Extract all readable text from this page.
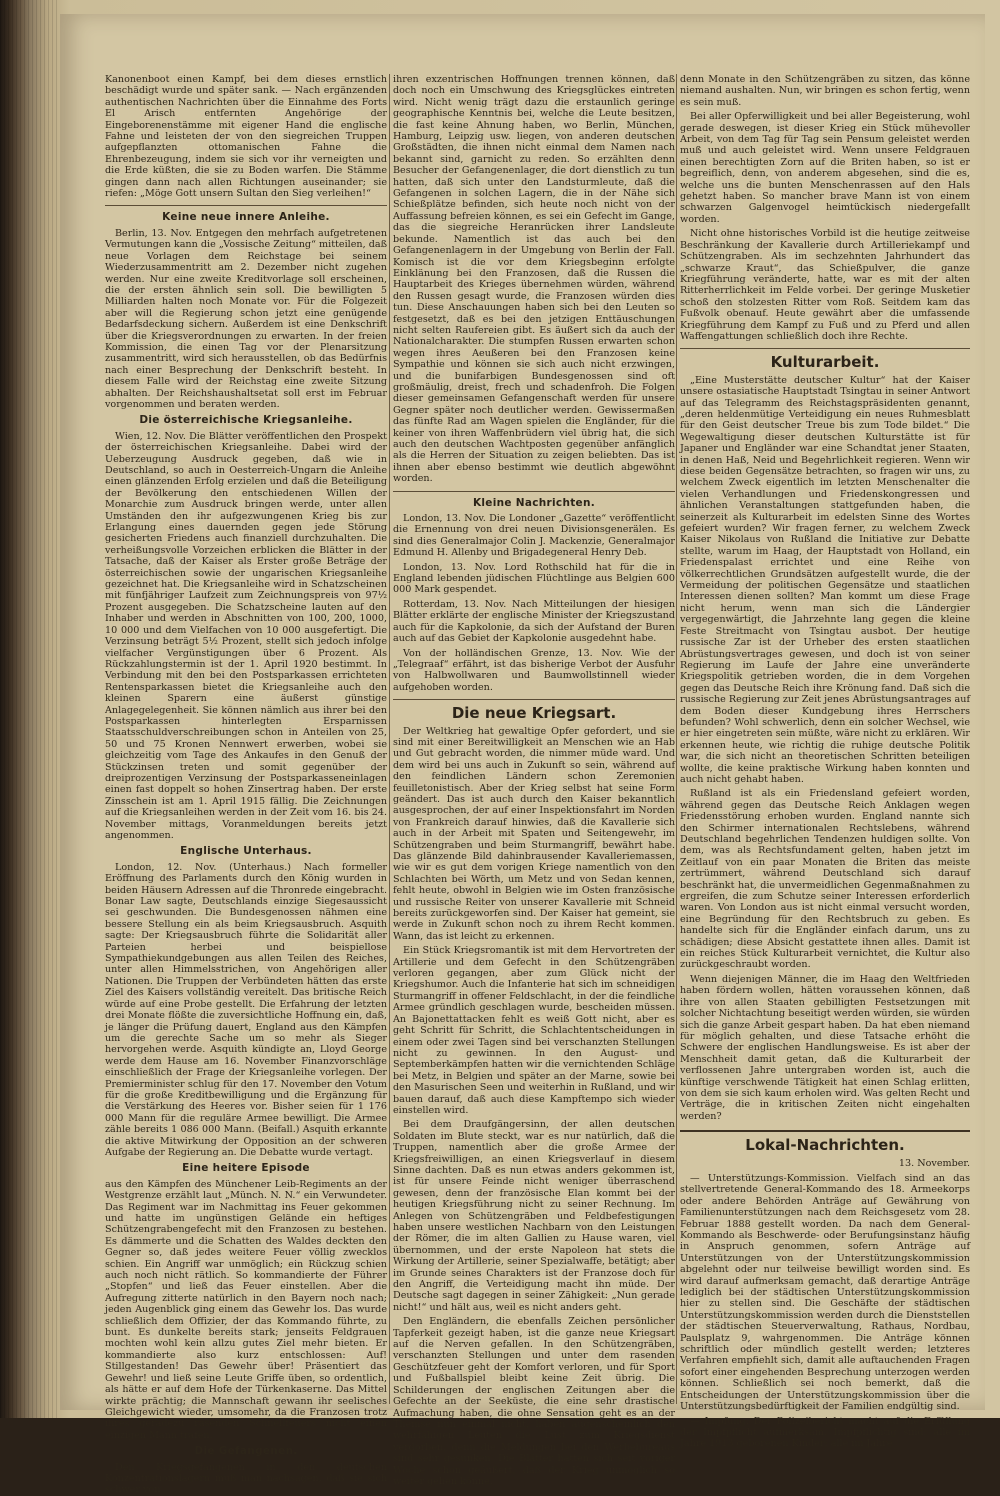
Kanonenboot einen Kampf, bei dem dieses ernstlich beschädigt wurde und später sank. — Nach ergänzenden authentischen Nachrichten über die Einnahme des Forts El Arisch entfernten Angehörige der Eingeborenenstämme mit eigener Hand die englische Fahne und leisteten der von den siegreichen Truppen aufgepflanzten ottomanischen Fahne die Ehrenbezeugung, indem sie sich vor ihr verneigten und die Erde küßten, die sie zu Boden warfen. Die Stämme gingen dann nach allen Richtungen auseinander; sie riefen: „Möge Gott unsern Sultan den Sieg verleihen!“

Keine neue innere Anleihe.

Berlin, 13. Nov. Entgegen den mehrfach aufgetretenen Vermutungen kann die „Vossische Zeitung“ mitteilen, daß neue Vorlagen dem Reichstage bei seinem Wiederzusammentritt am 2. Dezember nicht zugehen werden. Nur eine zweite Kreditvorlage soll erscheinen, die der ersten ähnlich sein soll. Die bewilligten 5 Milliarden halten noch Monate vor. Für die Folgezeit aber will die Regierung schon jetzt eine genügende Bedarfsdeckung sichern. Außerdem ist eine Denkschrift über die Kriegsverordnungen zu erwarten. In der freien Kommission, die einen Tag vor der Plenarsitzung zusammentritt, wird sich herausstellen, ob das Bedürfnis nach einer Besprechung der Denkschrift besteht. In diesem Falle wird der Reichstag eine zweite Sitzung abhalten. Der Reichshaushaltsetat soll erst im Februar vorgenommen und beraten werden.

Die österreichische Kriegsanleihe.

Wien, 12. Nov. Die Blätter veröffentlichen den Prospekt der österreichischen Kriegsanleihe. Dabei wird der Ueberzeugung Ausdruck gegeben, daß wie in Deutschland, so auch in Oesterreich-Ungarn die Anleihe einen glänzenden Erfolg erzielen und daß die Beteiligung der Bevölkerung den entschiedenen Willen der Monarchie zum Ausdruck bringen werde, unter allen Umständen den ihr aufgezwungenen Krieg bis zur Erlangung eines dauernden gegen jede Störung gesicherten Friedens auch finanziell durchzuhalten. Die verheißungsvolle Vorzeichen erblicken die Blätter in der Tatsache, daß der Kaiser als Erster große Beträge der österreichischen sowie der ungarischen Kriegsanleihe gezeichnet hat. Die Kriegsanleihe wird in Schatzscheinen mit fünfjähriger Laufzeit zum Zeichnungspreis von 97½ Prozent ausgegeben. Die Schatzscheine lauten auf den Inhaber und werden in Abschnitten von 100, 200, 1000, 10 000 und dem Vielfachen von 10 000 ausgefertigt. Die Verzinsung beträgt 5½ Prozent, stellt sich jedoch infolge vielfacher Vergünstigungen über 6 Prozent. Als Rückzahlungstermin ist der 1. April 1920 bestimmt. In Verbindung mit den bei den Postsparkassen errichteten Rentensparkassen bietet die Kriegsanleihe auch den kleinen Sparern eine äußerst günstige Anlagegelegenheit. Sie können nämlich aus ihrer bei den Postsparkassen hinterlegten Ersparnissen Staatsschuldverschreibungen schon in Anteilen von 25, 50 und 75 Kronen Nennwert erwerben, wobei sie gleichzeitig vom Tage des Ankaufes in den Genuß der Stückzinsen treten und somit gegenüber der dreiprozentigen Verzinsung der Postsparkasseneinlagen einen fast doppelt so hohen Zinsertrag haben. Der erste Zinsschein ist am 1. April 1915 fällig. Die Zeichnungen auf die Kriegsanleihen werden in der Zeit vom 16. bis 24. November mittags, Voranmeldungen bereits jetzt angenommen.

Englische Unterhaus.

London, 12. Nov. (Unterhaus.) Nach formeller Eröffnung des Parlaments durch den König wurden in beiden Häusern Adressen auf die Thronrede eingebracht. Bonar Law sagte, Deutschlands einzige Siegesaussicht sei geschwunden. Die Bundesgenossen nähmen eine bessere Stellung ein als beim Kriegsausbruch. Asquith sagte: Der Kriegsausbruch führte die Solidarität aller Parteien herbei und beispiellose Sympathiekundgebungen aus allen Teilen des Reiches, unter allen Himmelsstrichen, von Angehörigen aller Nationen. Die Truppen der Verbündeten hätten das erste Ziel des Kaisers vollständig vereitelt. Das britische Reich würde auf eine Probe gestellt. Die Erfahrung der letzten drei Monate flößte die zuversichtliche Hoffnung ein, daß, je länger die Prüfung dauert, England aus den Kämpfen um die gerechte Sache um so mehr als Sieger hervorgehen werde. Asquith kündigte an, Lloyd George werde dem Hause am 16. November Finanzvorschläge einschließlich der Frage der Kriegsanleihe vorlegen. Der Premierminister schlug für den 17. November den Votum für die große Kreditbewilligung und die Ergänzung für die Verstärkung des Heeres vor. Bisher seien für 1 176 000 Mann für die reguläre Armee bewilligt. Die Armee zähle bereits 1 086 000 Mann. (Beifall.) Asquith erkannte die aktive Mitwirkung der Opposition an der schweren Aufgabe der Regierung an. Die Debatte wurde vertagt.

Eine heitere Episode

aus den Kämpfen des Münchener Leib-Regiments an der Westgrenze erzählt laut „Münch. N. N.“ ein Verwundeter. Das Regiment war im Nachmittag ins Feuer gekommen und hatte im ungünstigen Gelände ein heftiges Schützengrabengefecht mit den Franzosen zu bestehen. Es dämmerte und die Schatten des Waldes deckten den Gegner so, daß jedes weitere Feuer völlig zwecklos schien. Ein Angriff war unmöglich; ein Rückzug schien auch noch nicht rätlich. So kommandierte der Führer „Stopfen“ und ließ das Feuer einstellen. Aber die Aufregung zitterte natürlich in den Bayern noch nach; jeden Augenblick ging einem das Gewehr los. Das wurde schließlich dem Offizier, der das Kommando führte, zu bunt. Es dunkelte bereits stark; jenseits Feldgrauen mochten wohl kein allzu gutes Ziel mehr bieten. Er kommandierte also kurz entschlossen: Auf! Stillgestanden! Das Gewehr über! Präsentiert das Gewehr! und ließ seine Leute Griffe üben, so ordentlich, als hätte er auf dem Hofe der Türkenkaserne. Das Mittel wirkte prächtig; die Mannschaft gewann ihr seelisches Gleichgewicht wieder, umsomehr, da die Franzosen trotz ihres geradezu rasenden Schnellfeuers nicht einen einzigen Mann trafen.

Die Gefangenen.

Den Kriegsgefangenen in den deutschen Konzentrationslagern muß man nachsagen, daß sie sich schwer von

ihren exzentrischen Hoffnungen trennen können, daß doch noch ein Umschwung des Kriegsglückes eintreten wird. Nicht wenig trägt dazu die erstaunlich geringe geographische Kenntnis bei, welche die Leute besitzen, die fast keine Ahnung haben, wo Berlin, München, Hamburg, Leipzig usw. liegen, von anderen deutschen Großstädten, die ihnen nicht einmal dem Namen nach bekannt sind, garnicht zu reden. So erzählten denn Besucher der Gefangenenlager, die dort dienstlich zu tun hatten, daß sich unter den Landsturmleute, daß die Gefangenen in solchen Lagern, die in der Nähe sich Schießplätze befinden, sich heute noch nicht von der Auffassung befreien können, es sei ein Gefecht im Gange, das die siegreiche Heranrücken ihrer Landsleute bekunde. Namentlich ist das auch bei den Gefangenenlagern in der Umgebung von Berlin der Fall. Komisch ist die vor dem Kriegsbeginn erfolgte Einklänung bei den Franzosen, daß die Russen die Hauptarbeit des Krieges übernehmen würden, während den Russen gesagt wurde, die Franzosen würden dies tun. Diese Anschauungen haben sich bei den Leuten so festgesetzt, daß es bei den jetzigen Enttäuschungen nicht selten Raufereien gibt. Es äußert sich da auch der Nationalcharakter. Die stumpfen Russen erwarten schon wegen ihres Aeußeren bei den Franzosen keine Sympathie und können sie sich auch nicht erzwingen, und die bunifarbigen Bundesgenossen sind oft großmäulig, dreist, frech und schadenfroh. Die Folgen dieser gemeinsamen Gefangenschaft werden für unsere Gegner später noch deutlicher werden. Gewissermaßen das fünfte Rad am Wagen spielen die Engländer, für die keiner von ihren Waffenbrüdern viel übrig hat, die sich auch den deutschen Wachtposten gegenüber anfänglich als die Herren der Situation zu zeigen beliebten. Das ist ihnen aber ebenso bestimmt wie deutlich abgewöhnt worden.

Kleine Nachrichten.

London, 13. Nov. Die Londoner „Gazette“ veröffentlicht die Ernennung von drei neuen Divisionsgenerälen. Es sind dies Generalmajor Colin J. Mackenzie, Generalmajor Edmund H. Allenby und Brigadegeneral Henry Deb.

London, 13. Nov. Lord Rothschild hat für die in England lebenden jüdischen Flüchtlinge aus Belgien 600 000 Mark gespendet.

Rotterdam, 13. Nov. Nach Mitteilungen der hiesigen Blätter erklärte der englische Minister der Kriegszustand auch für die Kapkolonie, da sich der Aufstand der Buren auch auf das Gebiet der Kapkolonie ausgedehnt habe.

Von der holländischen Grenze, 13. Nov. Wie der „Telegraaf“ erfährt, ist das bisherige Verbot der Ausfuhr von Halbwollwaren und Baumwollstinnell wieder aufgehoben worden.

Die neue Kriegsart.

Der Weltkrieg hat gewaltige Opfer gefordert, und sie sind mit einer Bereitwilligkeit an Menschen wie an Hab und Gut gebracht worden, die nimmer müde ward. Und dem wird bei uns auch in Zukunft so sein, während auf den feindlichen Ländern schon Zeremonien feuilletonistisch. Aber der Krieg selbst hat seine Form geändert. Das ist auch durch den Kaiser bekanntlich ausgesprochen, der auf einer Inspektionsfahrt im Norden von Frankreich darauf hinwies, daß die Kavallerie sich auch in der Arbeit mit Spaten und Seitengewehr, im Schützengraben und beim Sturmangriff, bewährt habe. Das glänzende Bild dahinbrausender Kavalleriemassen, wie wir es gut dem vorigen Kriege namentlich von den Schlachten bei Wörth, um Metz und von Sedan kennen, fehlt heute, obwohl in Belgien wie im Osten französische und russische Reiter von unserer Kavallerie mit Schneid bereits zurückgeworfen sind. Der Kaiser hat gemeint, sie werde in Zukunft schon noch zu ihrem Recht kommen. Wann, das ist leicht zu erkennen.

Ein Stück Kriegsromantik ist mit dem Hervortreten der Artillerie und dem Gefecht in den Schützengräben verloren gegangen, aber zum Glück nicht der Kriegshumor. Auch die Infanterie hat sich im schneidigen Sturmangriff in offener Feldschlacht, in der die feindliche Armee gründlich geschlagen wurde, bescheiden müssen. An Bajonettattacken fehlt es weiß Gott nicht, aber es geht Schritt für Schritt, die Schlachtentscheidungen in einem oder zwei Tagen sind bei verschanzten Stellungen nicht zu gewinnen. In den August- und Septemberkämpfen hatten wir die vernichtenden Schläge bei Metz, in Belgien und später an der Marne, sowie bei den Masurischen Seen und weiterhin in Rußland, und wir bauen darauf, daß auch diese Kampftempo sich wieder einstellen wird.

Bei dem Draufgängersinn, der allen deutschen Soldaten im Blute steckt, war es nur natürlich, daß die Truppen, namentlich aber die große Armee der Kriegsfreiwilligen, an einen Kriegsverlauf in diesem Sinne dachten. Daß es nun etwas anders gekommen ist, ist für unsere Feinde nicht weniger überraschend gewesen, denn der französische Elan kommt bei der heutigen Kriegsführung nicht zu seiner Rechnung. Im Anlegen von Schützengräben und Feldbefestigungen haben unsere westlichen Nachbarn von den Leistungen der Römer, die im alten Gallien zu Hause waren, viel übernommen, und der erste Napoleon hat stets die Wirkung der Artillerie, seiner Spezialwaffe, betätigt; aber im Grunde seines Charakters ist der Franzose doch für den Angriff, die Verteidigung macht ihn müde. Der Deutsche sagt dagegen in seiner Zähigkeit: „Nun gerade nicht!“ und hält aus, weil es nicht anders geht.

Den Engländern, die ebenfalls Zeichen persönlicher Tapferkeit gezeigt haben, ist die ganze neue Kriegsart auf die Nerven gefallen. In den Schützengräben, verschanzten Stellungen und unter dem rasenden Geschützfeuer geht der Komfort verloren, und für Sport und Fußballspiel bleibt keine Zeit übrig. Die Schilderungen der englischen Zeitungen aber die Gefechte an der Seeküste, die eine sehr drastische Aufmachung haben, die ohne Sensation geht es an der Themse nun einmal nicht, haben augenscheinlich den wehrfähigen Leuten die Lust zum Kriegsdienst verdorben, denn die Meldungen bei den Werbebureaus sind sehr gesunken. Die Blätter hatten sich seit voriger Woche schon geäußert, daß der Krieg unmöglich so weiter gehen könne,

denn Monate in den Schützengräben zu sitzen, das könne niemand aushalten. Nun, wir bringen es schon fertig, wenn es sein muß.

Bei aller Opferwilligkeit und bei aller Begeisterung, wohl gerade deswegen, ist dieser Krieg ein Stück mühevoller Arbeit, von dem Tag für Tag sein Pensum geleistet werden muß und auch geleistet wird. Wenn unsere Feldgrauen einen berechtigten Zorn auf die Briten haben, so ist er begreiflich, denn, von anderem abgesehen, sind die es, welche uns die bunten Menschenrassen auf den Hals gehetzt haben. So mancher brave Mann ist von einem schwarzen Galgenvogel heimtückisch niedergefallt worden.

Nicht ohne historisches Vorbild ist die heutige zeitweise Beschränkung der Kavallerie durch Artilleriekampf und Schützengraben. Als im sechzehnten Jahrhundert das „schwarze Kraut“, das Schießpulver, die ganze Kriegführung veränderte, hatte, war es mit der alten Ritterherrlichkeit im Felde vorbei. Der geringe Musketier schoß den stolzesten Ritter vom Roß. Seitdem kam das Fußvolk obenauf. Heute gewährt aber die umfassende Kriegführung dem Kampf zu Fuß und zu Pferd und allen Waffengattungen schließlich doch ihre Rechte.

Kulturarbeit.

„Eine Musterstätte deutscher Kultur“ hat der Kaiser unsere ostasiatische Hauptstadt Tsingtau in seiner Antwort auf das Telegramm des Reichstagspräsidenten genannt, „deren heldenmütige Verteidigung ein neues Ruhmesblatt für den Geist deutscher Treue bis zum Tode bildet.“ Die Wegewaltigung dieser deutschen Kulturstätte ist für Japaner und Engländer war eine Schandtat jener Staaten, in denen Haß, Neid und Begehrlichkeit regieren. Wenn wir diese beiden Gegensätze betrachten, so fragen wir uns, zu welchem Zweck eigentlich im letzten Menschenalter die vielen Verhandlungen und Friedenskongressen und ähnlichen Veranstaltungen stattgefunden haben, die seinerzeit als Kulturarbeit im edelsten Sinne des Wortes gefeiert wurden? Wir fragen ferner, zu welchem Zweck Kaiser Nikolaus von Rußland die Initiative zur Debatte stellte, warum im Haag, der Hauptstadt von Holland, ein Friedenspalast errichtet und eine Reihe von völkerrechtlichen Grundsätzen aufgestellt wurde, die der Vermeidung der politischen Gegensätze und staatlichen Interessen dienen sollten? Man kommt um diese Frage nicht herum, wenn man sich die Ländergier vergegenwärtigt, die Jahrzehnte lang gegen die kleine Feste Streitmacht von Tsingtau ausbot. Der heutige russische Zar ist der Urheber des ersten staatlichen Abrüstungsvertrages gewesen, und doch ist von seiner Regierung im Laufe der Jahre eine unveränderte Kriegspolitik getrieben worden, die in dem Vorgehen gegen das Deutsche Reich ihre Krönung fand. Daß sich die russische Regierung zur Zeit jenes Abrüstungsantrages auf dem Boden dieser Kundgebung ihres Herrschers befunden? Wohl schwerlich, denn ein solcher Wechsel, wie er hier eingetreten sein müßte, wäre nicht zu erklären. Wir erkennen heute, wie richtig die ruhige deutsche Politik war, die sich nicht an theoretischen Schritten beteiligen wollte, die keine praktische Wirkung haben konnten und auch nicht gehabt haben.

Rußland ist als ein Friedensland gefeiert worden, während gegen das Deutsche Reich Anklagen wegen Friedensstörung erhoben wurden. England nannte sich den Schirmer internationalen Rechtslebens, während Deutschland begehrlichen Tendenzen huldigen sollte. Von dem, was als Rechtsfundament gelten, haben jetzt im Zeitlauf von ein paar Monaten die Briten das meiste zertrümmert, während Deutschland sich darauf beschränkt hat, die unvermeidlichen Gegenmaßnahmen zu ergreifen, die zum Schutze seiner Interessen erforderlich waren. Von London aus ist nicht einmal versucht worden, eine Begründung für den Rechtsbruch zu geben. Es handelte sich für die Engländer einfach darum, uns zu schädigen; diese Absicht gestattete ihnen alles. Damit ist ein reiches Stück Kulturarbeit vernichtet, die Kultur also zurückgeschraubt worden.

Wenn diejenigen Männer, die im Haag den Weltfrieden haben fördern wollen, hätten voraussehen können, daß ihre von allen Staaten gebilligten Festsetzungen mit solcher Nichtachtung beseitigt werden würden, sie würden sich die ganze Arbeit gespart haben. Da hat eben niemand für möglich gehalten, und diese Tatsache erhöht die Schwere der englischen Handlungsweise. Es ist aber der Menschheit damit getan, daß die Kulturarbeit der verflossenen Jahre untergraben worden ist, auch die künftige verschwende Tätigkeit hat einen Schlag erlitten, von dem sie sich kaum erholen wird. Was gelten Recht und Verträge, die in kritischen Zeiten nicht eingehalten werden?

Lokal-Nachrichten.
13. November.

— Unterstützungs-Kommission. Vielfach sind an das stellvertretende General-Kommando des 18. Armeekorps oder andere Behörden Anträge auf Gewährung von Familienunterstützungen nach dem Reichsgesetz vom 28. Februar 1888 gestellt worden. Da nach dem General-Kommando als Beschwerde- oder Berufungsinstanz häufig in Anspruch genommen, sofern Anträge auf Unterstützungen von der Unterstützungskommission abgelehnt oder nur teilweise bewilligt worden sind. Es wird darauf aufmerksam gemacht, daß derartige Anträge lediglich bei der städtischen Unterstützungskommission hier zu stellen sind. Die Geschäfte der städtischen Unterstützungskommission werden durch die Dienststellen der städtischen Steuerverwaltung, Rathaus, Nordbau, Paulsplatz 9, wahrgenommen. Die Anträge können schriftlich oder mündlich gestellt werden; letzteres Verfahren empfiehlt sich, damit alle auftauchenden Fragen sofort einer eingehenden Besprechung unterzogen werden können. Schließlich sei noch bemerkt, daß die Entscheidungen der Unterstützungskommission über die Unterstützungsbedürftigkeit der Familien endgültig sind.

— Impfung. Der Polizeibericht macht auf die Erfüllung der Impfpflicht aufmerksam. Impfpflichtig sind: alle im Jahre 1913 geborenen Kinder; alle im Jahre
